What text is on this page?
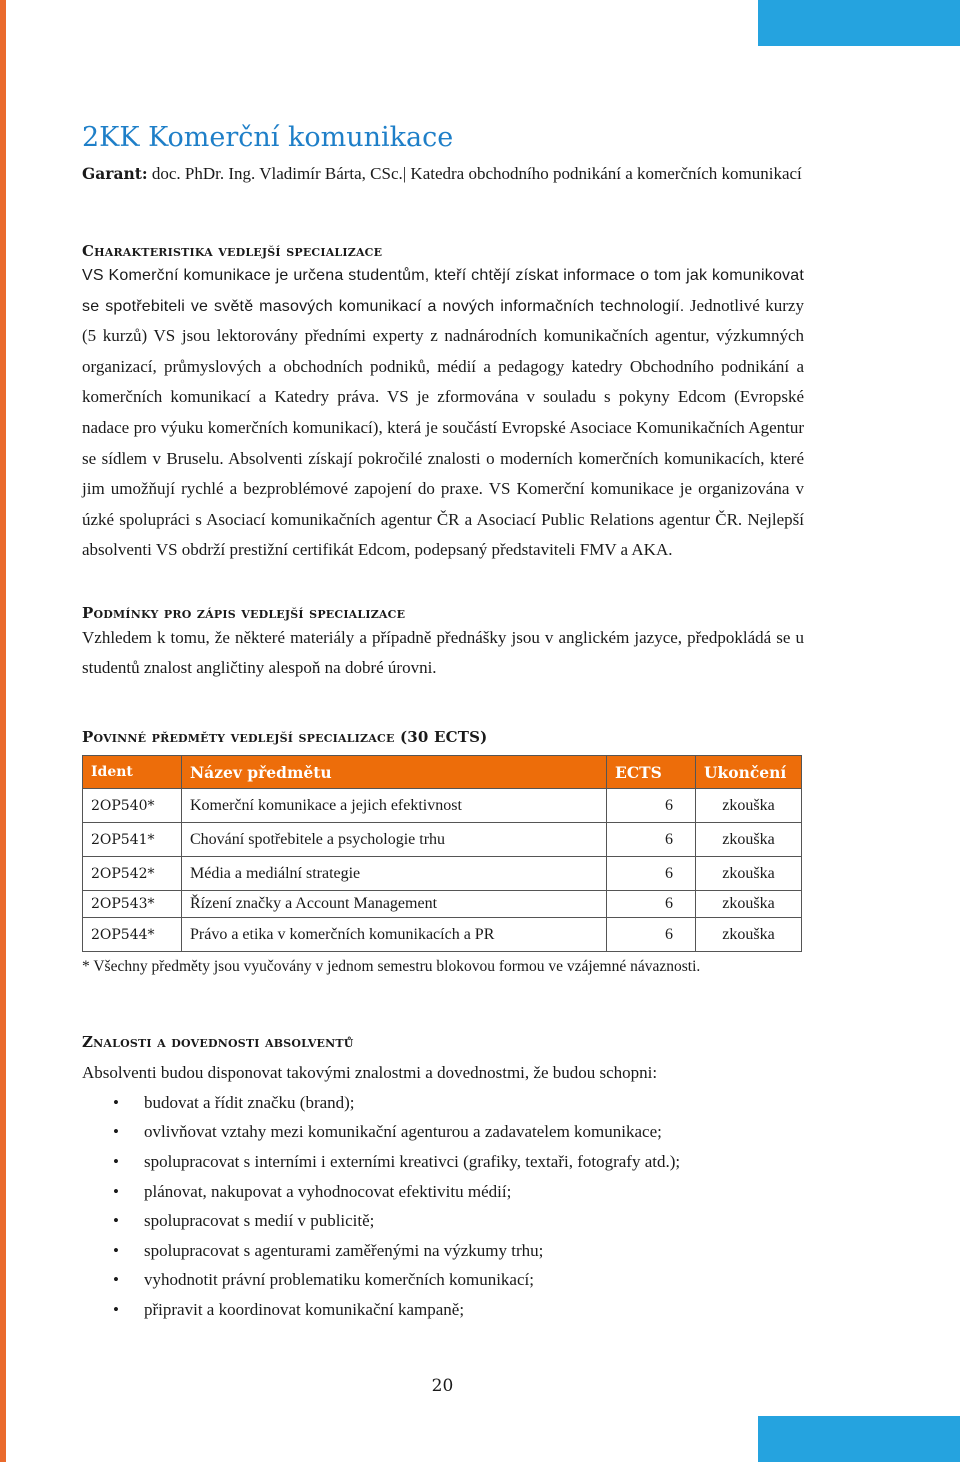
2KK Komerční komunikace
Garant: doc. PhDr. Ing. Vladimír Bárta, CSc.| Katedra obchodního podnikání a komerčních komunikací
Charakteristika vedlejší specializace

VS Komerční komunikace je určena studentům, kteří chtějí získat informace o tom jak komunikovat se spotřebiteli ve světě masových komunikací a nových informačních technologií. Jednotlivé kurzy (5 kurzů) VS jsou lektorovány předními experty z nadnárodních komunikačních agentur, výzkumných organizací, průmyslových a obchodních podniků, médií a pedagogy katedry Obchodního podnikání a komerčních komunikací a Katedry práva. VS je zformována v souladu s pokyny Edcom (Evropské nadace pro výuku komerčních komunikací), která je součástí Evropské Asociace Komunikačních Agentur se sídlem v Bruselu. Absolventi získají pokročilé znalosti o moderních komerčních komunikacích, které jim umožňují rychlé a bezproblémové zapojení do praxe. VS Komerční komunikace je organizována v úzké spolupráci s Asociací komunikačních agentur ČR a Asociací Public Relations agentur ČR. Nejlepší absolventi VS obdrží prestižní certifikát Edcom, podepsaný představiteli FMV a AKA.

Podmínky pro zápis vedlejší specializace

Vzhledem k tomu, že některé materiály a případně přednášky jsou v anglickém jazyce, předpokládá se u studentů znalost angličtiny alespoň na dobré úrovni.

Povinné předměty vedlejší specializace (30 ECTS)
Ident	Název předmětu	ECTS	Ukončení
2OP540*	Komerční komunikace a jejich efektivnost	6	zkouška
2OP541*	Chování spotřebitele a psychologie trhu	6	zkouška
2OP542*	Média a mediální strategie	6	zkouška
2OP543*	Řízení značky a Account Management	6	zkouška
2OP544*	Právo a etika v komerčních komunikacích a PR	6	zkouška
* Všechny předměty jsou vyučovány v jednom semestru blokovou formou ve vzájemné návaznosti.
Znalosti a dovednosti absolventů

Absolventi budou disponovat takovými znalostmi a dovednostmi, že budou schopni:

• budovat a řídit značku (brand);
• ovlivňovat vztahy mezi komunikační agenturou a zadavatelem komunikace;
• spolupracovat s interními i externími kreativci (grafiky, textaři, fotografy atd.);
• plánovat, nakupovat a vyhodnocovat efektivitu médií;
• spolupracovat s medií v publicitě;
• spolupracovat s agenturami zaměřenými na výzkumy trhu;
• vyhodnotit právní problematiku komerčních komunikací;
• připravit a koordinovat komunikační kampaně;
20
